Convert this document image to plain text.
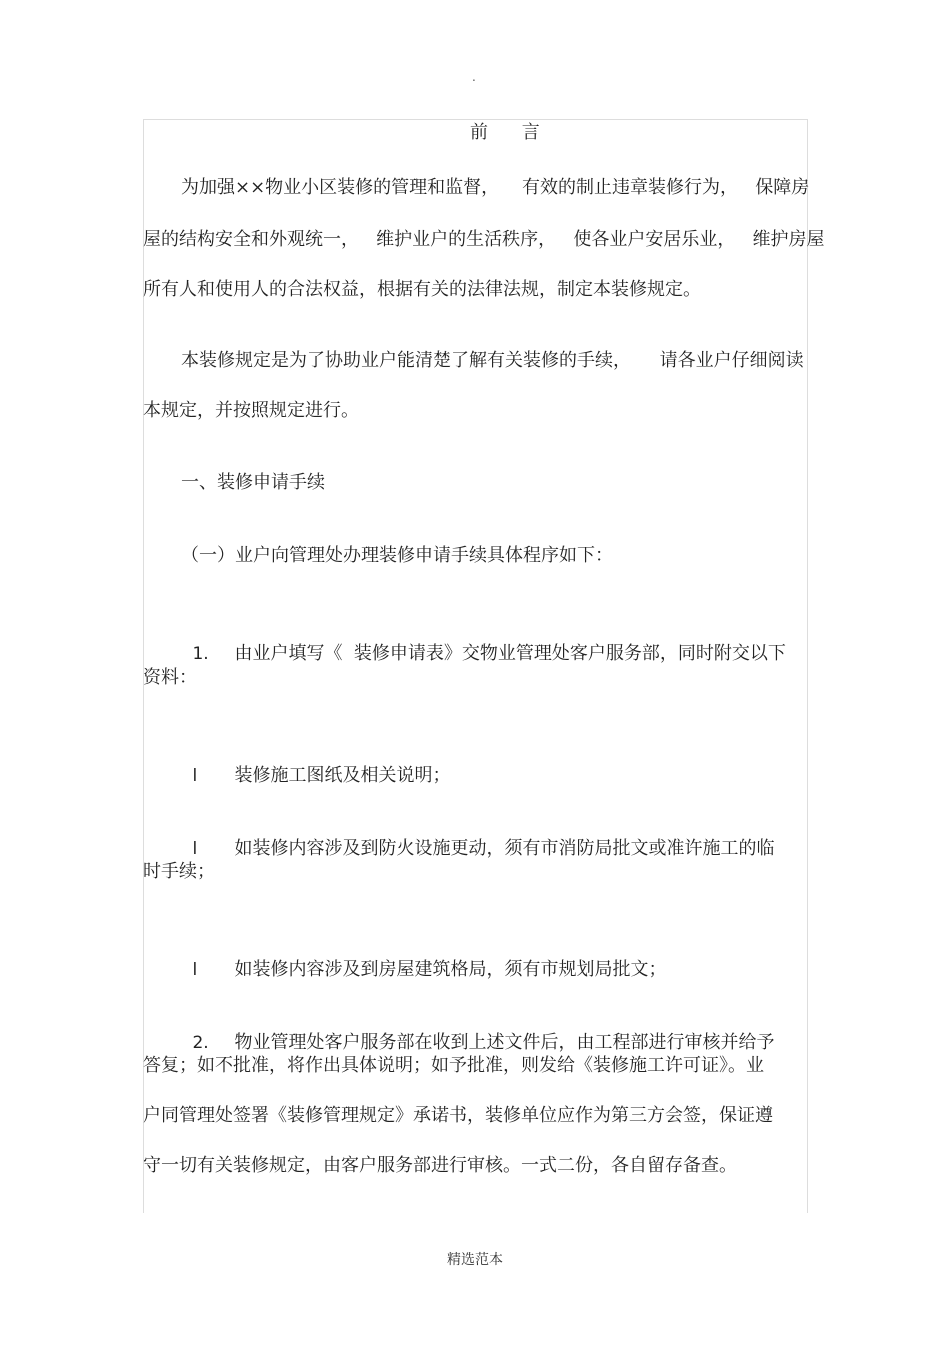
.
前 言
为加强××物业小区装修的管理和监督，    有效的制止违章装修行为，   保障房
屋的结构安全和外观统一，   维护业户的生活秩序，   使各业户安居乐业，   维护房屋
所有人和使用人的合法权益，根据有关的法律法规，制定本装修规定。
本装修规定是为了协助业户能清楚了解有关装修的手续，     请各业户仔细阅读
本规定，并按照规定进行。
一、装修申请手续
（一）业户向管理处办理装修申请手续具体程序如下：

1. 由业户填写《  装修申请表》交物业管理处客户服务部，同时附交以下

资料：

l 装修施工图纸及相关说明；

l 如装修内容涉及到防火设施更动，须有市消防局批文或准许施工的临

时手续；

l 如装修内容涉及到房屋建筑格局，须有市规划局批文；

2. 物业管理处客户服务部在收到上述文件后，由工程部进行审核并给予

答复；如不批准，将作出具体说明；如予批准，则发给《装修施工许可证》。业
户同管理处签署《装修管理规定》承诺书，装修单位应作为第三方会签，保证遵
守一切有关装修规定，由客户服务部进行审核。一式二份，各自留存备查。
精选范本
